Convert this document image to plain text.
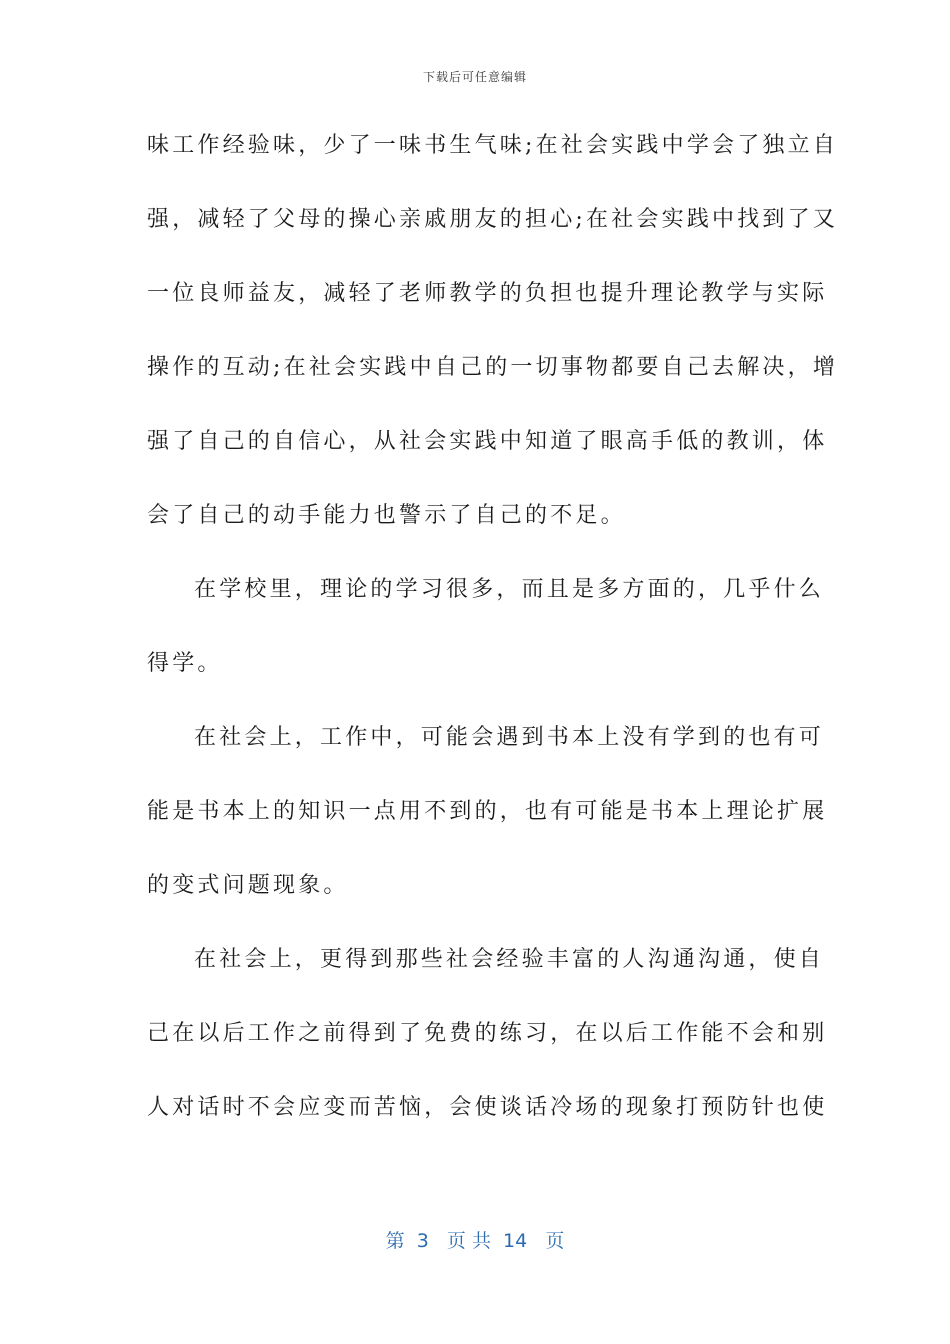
下载后可任意编辑
味工作经验味，少了一味书生气味;在社会实践中学会了独立自
强，减轻了父母的操心亲戚朋友的担心;在社会实践中找到了又
一位良师益友，减轻了老师教学的负担也提升理论教学与实际
操作的互动;在社会实践中自己的一切事物都要自己去解决，增
强了自己的自信心，从社会实践中知道了眼高手低的教训，体
会了自己的动手能力也警示了自己的不足。
在学校里，理论的学习很多，而且是多方面的，几乎什么
得学。
在社会上，工作中，可能会遇到书本上没有学到的也有可
能是书本上的知识一点用不到的，也有可能是书本上理论扩展
的变式问题现象。
在社会上，更得到那些社会经验丰富的人沟通沟通，使自
己在以后工作之前得到了免费的练习，在以后工作能不会和别
人对话时不会应变而苦恼，会使谈话冷场的现象打预防针也使
第  3   页 共  14   页
